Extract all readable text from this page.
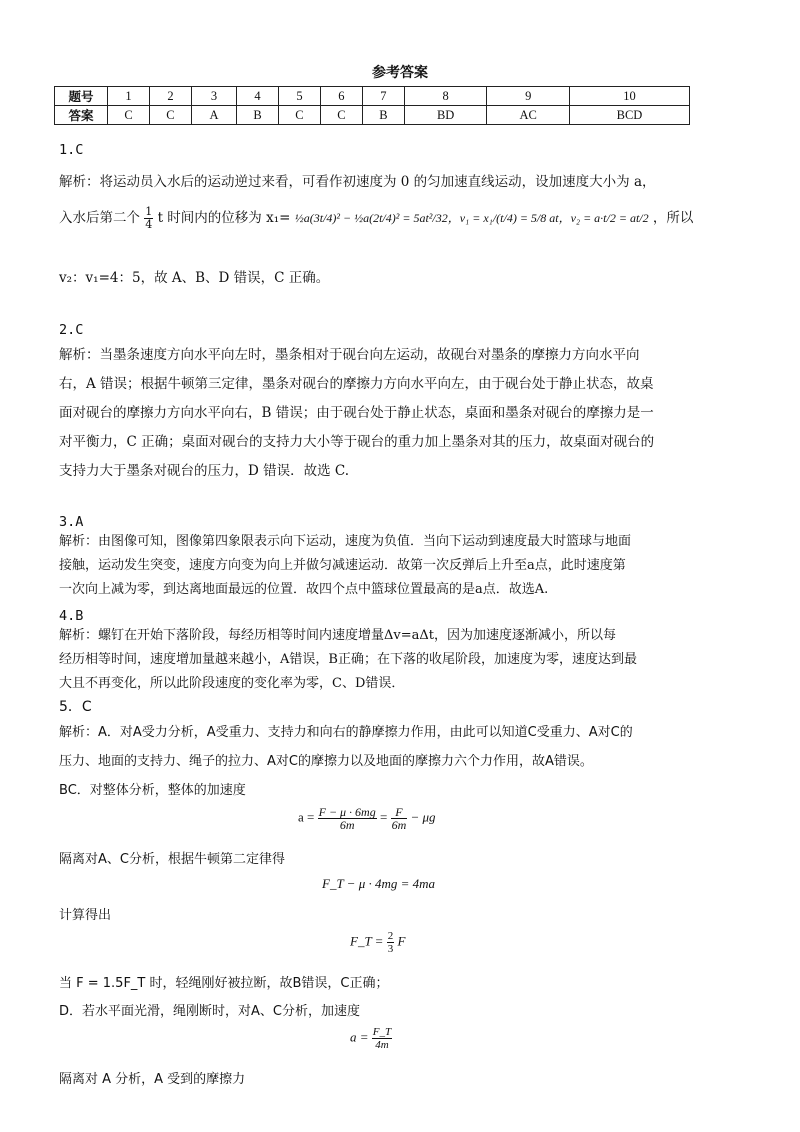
参考答案
题号	1	2	3	4	5	6	7	8	9	10
答案	C	C	A	B	C	C	B	BD	AC	BCD
1.C
解析：将运动员入水后的运动逆过来看，可看作初速度为 0 的匀加速直线运动，设加速度大小为 a，
入水后第二个 $\frac{1}{4}$ t 时间内的位移为 x₁= ½a(3t/4)² − ½a(2t/4)² = 5at²/32，v₁ = x₁/(t/4) = 5/8 at，v₂ = a·t/2 = at/2 ，所以
v₂：v₁=4：5，故 A、B、D 错误，C 正确。
2.C
解析：当墨条速度方向水平向左时，墨条相对于砚台向左运动，故砚台对墨条的摩擦力方向水平向
右，A 错误；根据牛顿第三定律，墨条对砚台的摩擦力方向水平向左，由于砚台处于静止状态，故桌
面对砚台的摩擦力方向水平向右，B 错误；由于砚台处于静止状态，桌面和墨条对砚台的摩擦力是一
对平衡力，C 正确；桌面对砚台的支持力大小等于砚台的重力加上墨条对其的压力，故桌面对砚台的
支持力大于墨条对砚台的压力，D 错误．故选 C.
3.A
解析：由图像可知，图像第四象限表示向下运动，速度为负值．当向下运动到速度最大时篮球与地面
接触，运动发生突变，速度方向变为向上并做匀减速运动．故第一次反弹后上升至a点，此时速度第
一次向上减为零，到达离地面最远的位置．故四个点中篮球位置最高的是a点．故选A.
4.B
解析：螺钉在开始下落阶段，每经历相等时间内速度增量Δv=aΔt，因为加速度逐渐减小，所以每
经历相等时间，速度增加量越来越小，A错误，B正确；在下落的收尾阶段，加速度为零，速度达到最
大且不再变化，所以此阶段速度的变化率为零，C、D错误．
5．C
解析：A．对A受力分析，A受重力、支持力和向右的静摩擦力作用，由此可以知道C受重力、A对C的
压力、地面的支持力、绳子的拉力、A对C的摩擦力以及地面的摩擦力六个力作用，故A错误。
BC．对整体分析，整体的加速度
$a = \frac{F - \mu \cdot 6mg}{6m} = \frac{F}{6m} - \mu g$
隔离对A、C分析，根据牛顿第二定律得
F_T − μ · 4mg = 4ma
计算得出
F_T = $\frac{2}{3}$ F
当 F = 1.5F_T 时，轻绳刚好被拉断，故B错误，C正确；
D．若水平面光滑，绳刚断时，对A、C分析，加速度
$a = \frac{F\_T}{4m}$
隔离对 A 分析，A 受到的摩擦力
